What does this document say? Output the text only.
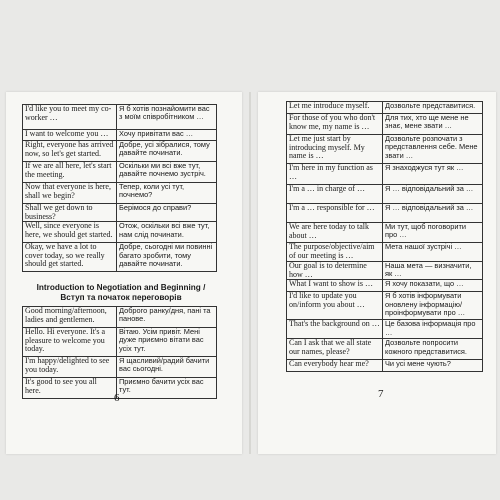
I'd like you to meet my co-worker …	Я б хотів познайомити вас з моїм співробітником …
I want to welcome you …	Хочу привітати вас …
Right, everyone has arrived now, so let's get started.	Добре, усі зібралися, тому давайте починати.
If we are all here, let's start the meeting.	Оскільки ми всі вже тут, давайте почнемо зустріч.
Now that everyone is here, shall we begin?	Тепер, коли усі тут, почнемо?
Shall we get down to business?	Берімося до справи?
Well, since everyone is here, we should get started.	Отож, оскільки всі вже тут, нам слід починати.
Okay, we have a lot to cover today, so we really should get started.	Добре, сьогодні ми повинні багато зробити, тому давайте починати.
Introduction to Negotiation and Beginning /
Вступ та початок переговорів
Good morning/afternoon, ladies and gentlemen.	Доброго ранку/дня, пані та панове.
Hello. Hi everyone. It's a pleasure to welcome you today.	Вітаю. Усім привіт. Мені дуже приємно вітати вас усіх тут.
I'm happy/delighted to see you today.	Я щасливий/радий бачити вас сьогодні.
It's good to see you all here.	Приємно бачити усіх вас тут.
6
Let me introduce myself.	Дозвольте представитися.
For those of you who don't know me, my name is …	Для тих, хто ще мене не знає, мене звати …
Let me just start by introducing myself. My name is …	Дозвольте розпочати з представлення себе. Мене звати …
I'm here in my function as …	Я знаходжуся тут як …
I'm a … in charge of …	Я … відповідальний за …
I'm a … responsible for …	Я … відповідальний за …
We are here today to talk about …	Ми тут, щоб поговорити про …
The purpose/objective/aim of our meeting is …	Мета нашої зустрічі …
Our goal is to determine how …	Наша мета — визначити, як …
What I want to show is …	Я хочу показати, що …
I'd like to update you on/inform you about …	Я б хотів інформувати оновлену інформацію/проінформувати про …
That's the background on …	Це базова інформація про …
Can I ask that we all state our names, please?	Дозвольте попросити кожного представитися.
Can everybody hear me?	Чи усі мене чують?
7
